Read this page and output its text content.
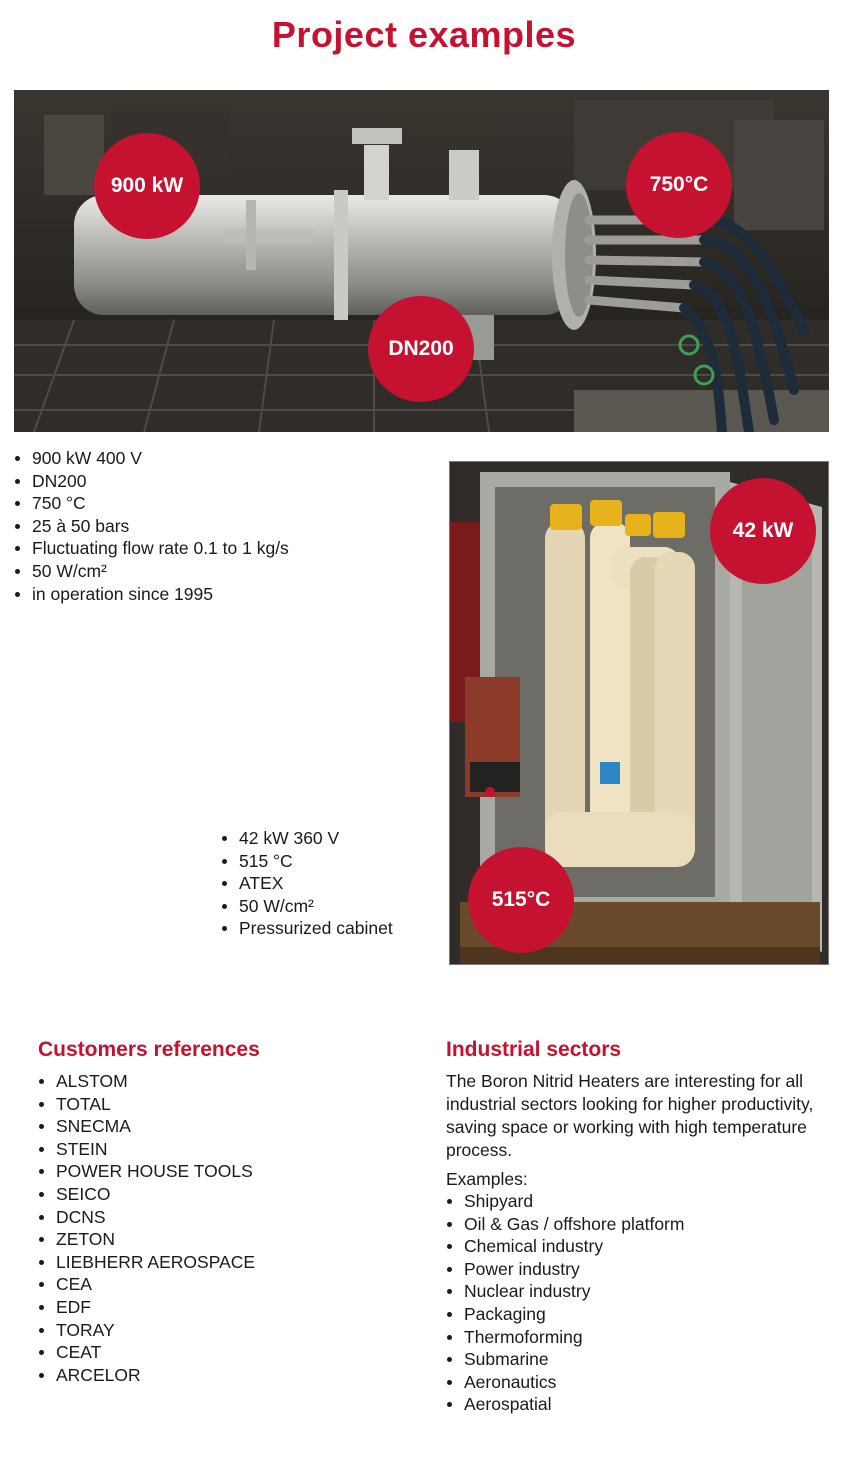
Project examples
900 kW	750°C
DN200
900 kW 400 V
DN200
750 °C
25 à 50 bars
Fluctuating flow rate 0.1 to 1 kg/s
50 W/cm²
in operation since 1995
42 kW
515°C
42 kW 360 V
515 °C
ATEX
50 W/cm²
Pressurized cabinet
Customers references
ALSTOM
TOTAL
SNECMA
STEIN
POWER HOUSE TOOLS
SEICO
DCNS
ZETON
LIEBHERR AEROSPACE
CEA
EDF
TORAY
CEAT
ARCELOR
Industrial sectors
The Boron Nitrid Heaters are interesting for all industrial sectors looking for higher productivity, saving space or working with high temperature process.
Examples:
Shipyard
Oil & Gas / offshore platform
Chemical industry
Power industry
Nuclear industry
Packaging
Thermoforming
Submarine
Aeronautics
Aerospatial
